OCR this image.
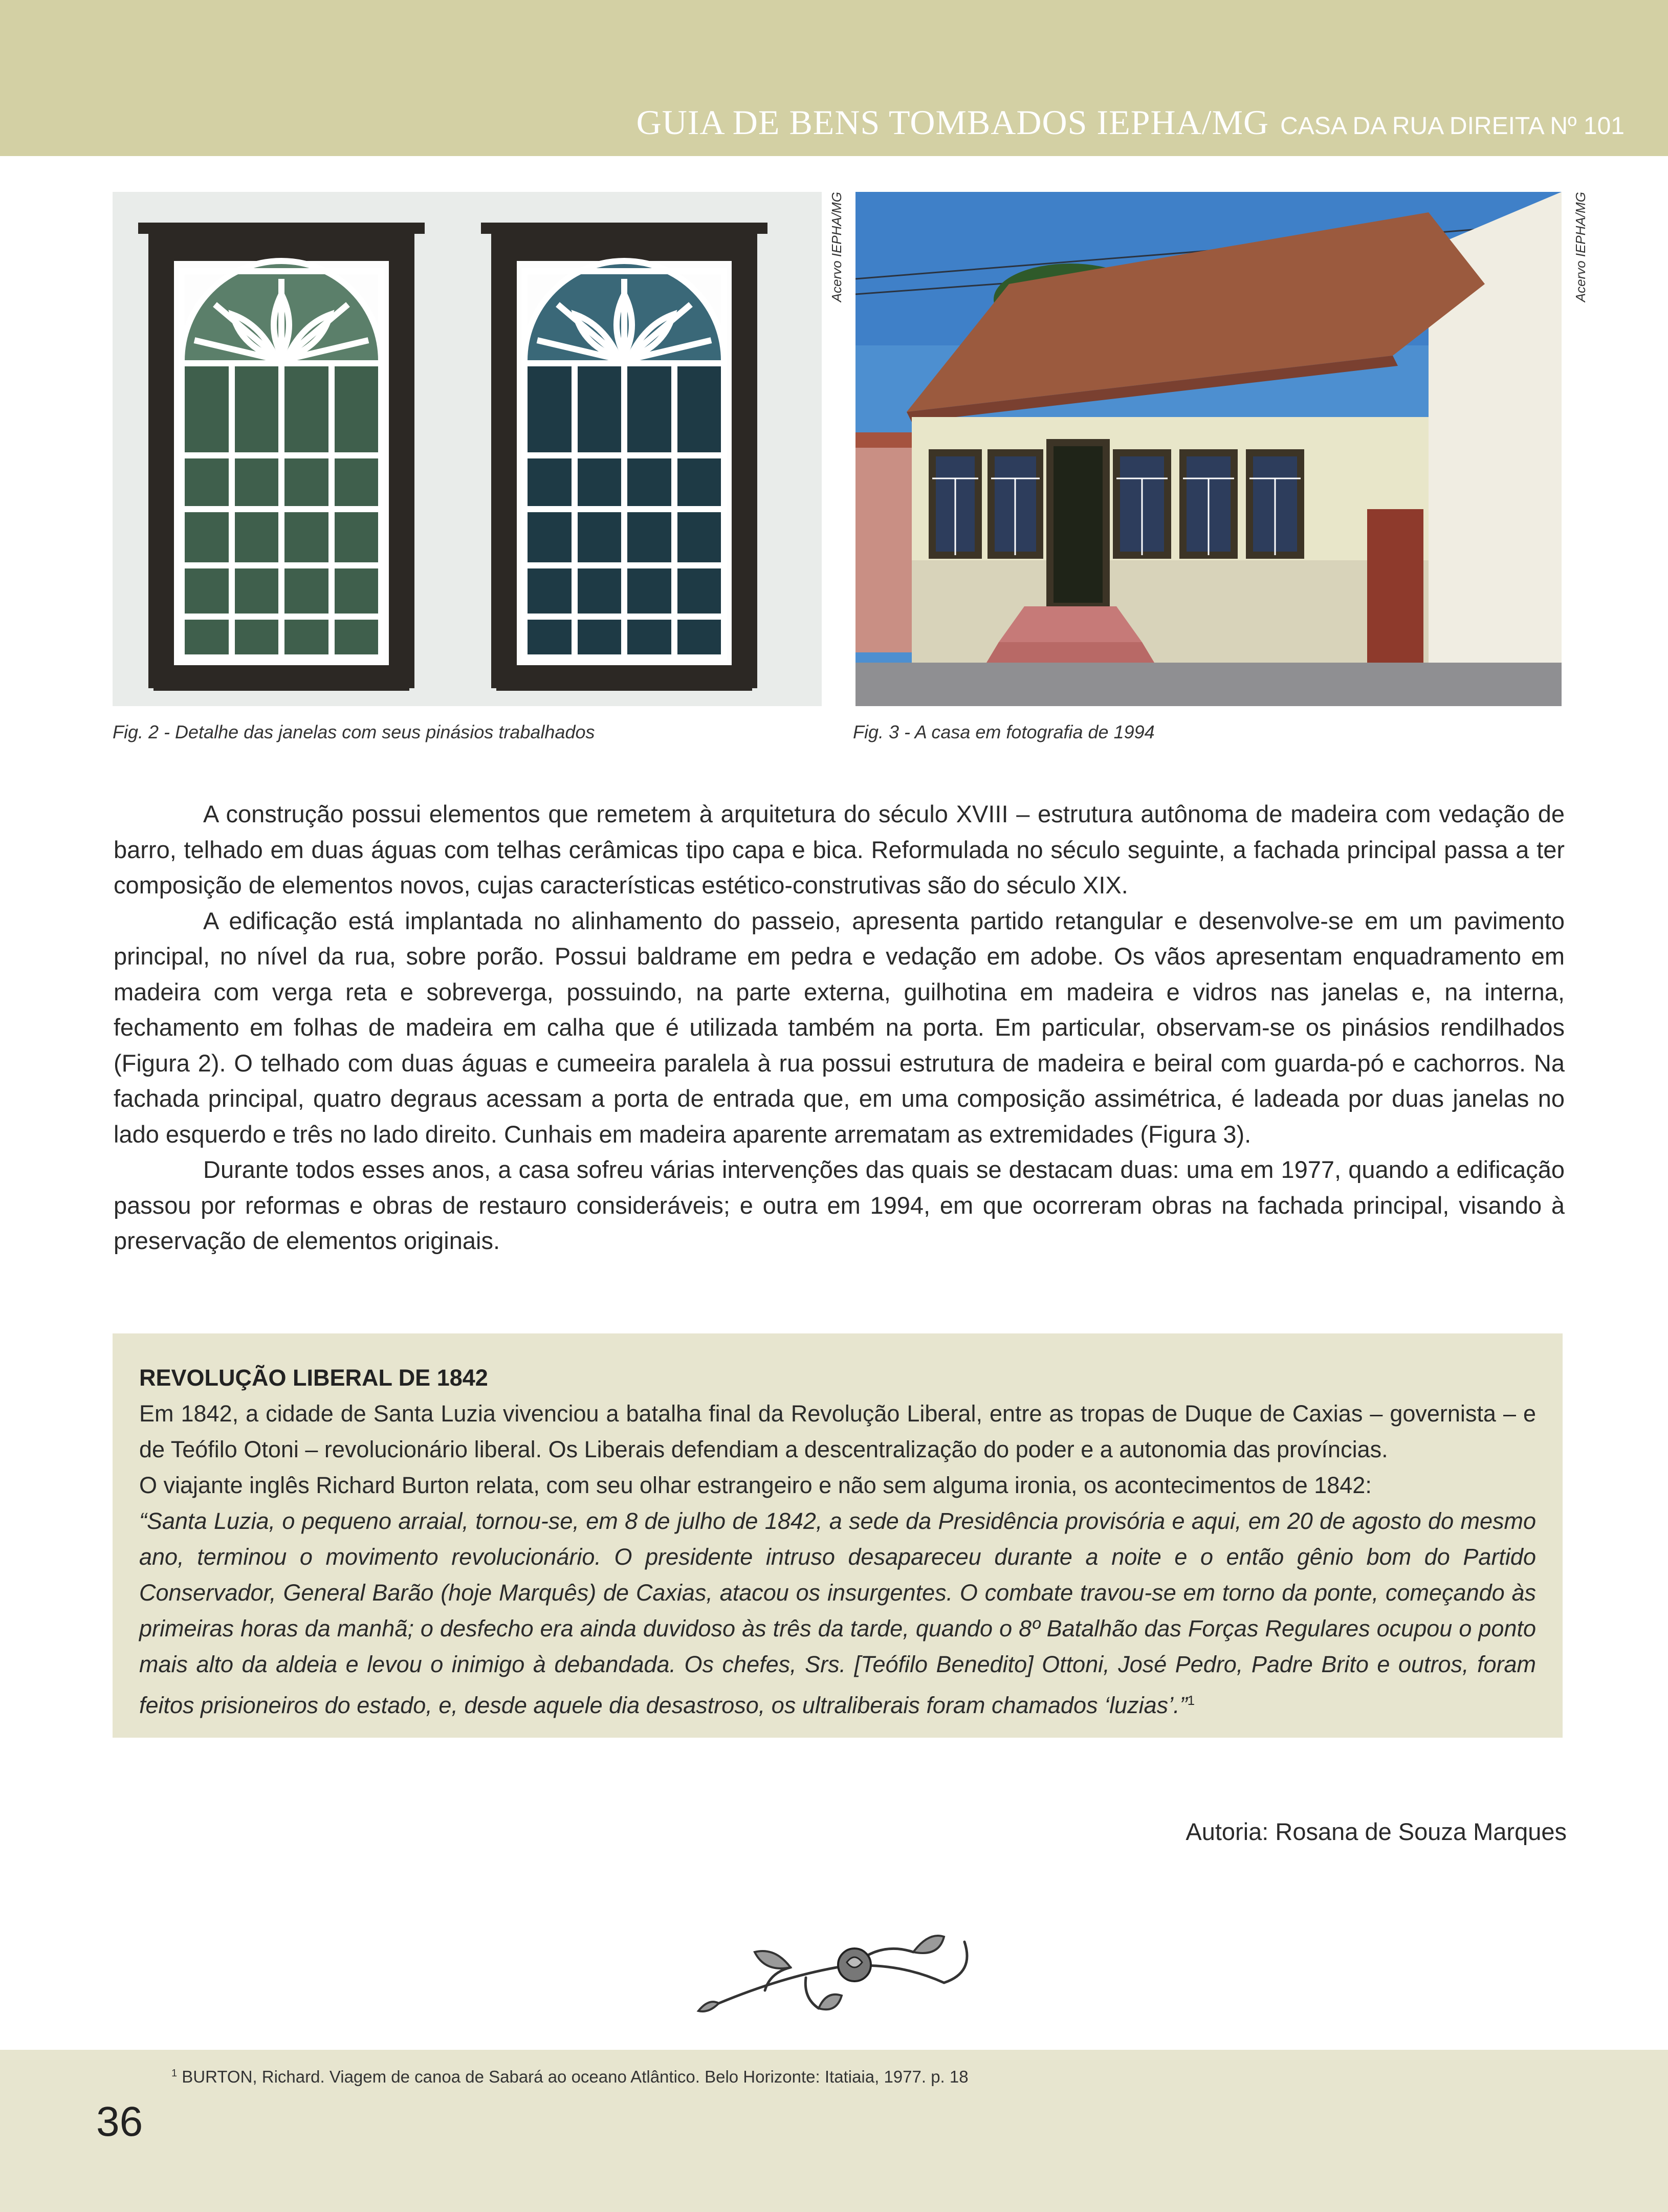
GUIA DE BENS TOMBADOS IEPHA/MG CASA DA RUA DIREITA Nº 101
Acervo IEPHA/MG	Acervo IEPHA/MG
Fig. 2 - Detalhe das janelas com seus pinásios trabalhados	Fig. 3 - A casa em fotografia de 1994

A construção possui elementos que remetem à arquitetura do século XVIII – estrutura autônoma de madeira com vedação de barro, telhado em duas águas com telhas cerâmicas tipo capa e bica. Reformulada no século seguinte, a fachada principal passa a ter composição de elementos novos, cujas características estético-construtivas são do século XIX.

A edificação está implantada no alinhamento do passeio, apresenta partido retangular e desenvolve-se em um pavimento principal, no nível da rua, sobre porão. Possui baldrame em pedra e vedação em adobe. Os vãos apresentam enquadramento em madeira com verga reta e sobreverga, possuindo, na parte externa, guilhotina em madeira e vidros nas janelas e, na interna, fechamento em folhas de madeira em calha que é utilizada também na porta. Em particular, observam-se os pinásios rendilhados (Figura 2). O telhado com duas águas e cumeeira paralela à rua possui estrutura de madeira e beiral com guarda-pó e cachorros. Na fachada principal, quatro degraus acessam a porta de entrada que, em uma composição assimétrica, é ladeada por duas janelas no lado esquerdo e três no lado direito. Cunhais em madeira aparente arrematam as extremidades (Figura 3).

Durante todos esses anos, a casa sofreu várias intervenções das quais se destacam duas: uma em 1977, quando a edificação passou por reformas e obras de restauro consideráveis; e outra em 1994, em que ocorreram obras na fachada principal, visando à preservação de elementos originais.

REVOLUÇÃO LIBERAL DE 1842

Em 1842, a cidade de Santa Luzia vivenciou a batalha final da Revolução Liberal, entre as tropas de Duque de Caxias – governista – e de Teófilo Otoni – revolucionário liberal. Os Liberais defendiam a descentralização do poder e a autonomia das províncias.

O viajante inglês Richard Burton relata, com seu olhar estrangeiro e não sem alguma ironia, os acontecimentos de 1842:

“Santa Luzia, o pequeno arraial, tornou-se, em 8 de julho de 1842, a sede da Presidência provisória e aqui, em 20 de agosto do mesmo ano, terminou o movimento revolucionário. O presidente intruso desapareceu durante a noite e o então gênio bom do Partido Conservador, General Barão (hoje Marquês) de Caxias, atacou os insurgentes. O combate travou-se em torno da ponte, começando às primeiras horas da manhã; o desfecho era ainda duvidoso às três da tarde, quando o 8º Batalhão das Forças Regulares ocupou o ponto mais alto da aldeia e levou o inimigo à debandada. Os chefes, Srs. [Teófilo Benedito] Ottoni, José Pedro, Padre Brito e outros, foram feitos prisioneiros do estado, e, desde aquele dia desastroso, os ultraliberais foram chamados ‘luzias’.”$^1$

Autoria: Rosana de Souza Marques
$^1$ BURTON, Richard. Viagem de canoa de Sabará ao oceano Atlântico. Belo Horizonte: Itatiaia, 1977. p. 18
36
